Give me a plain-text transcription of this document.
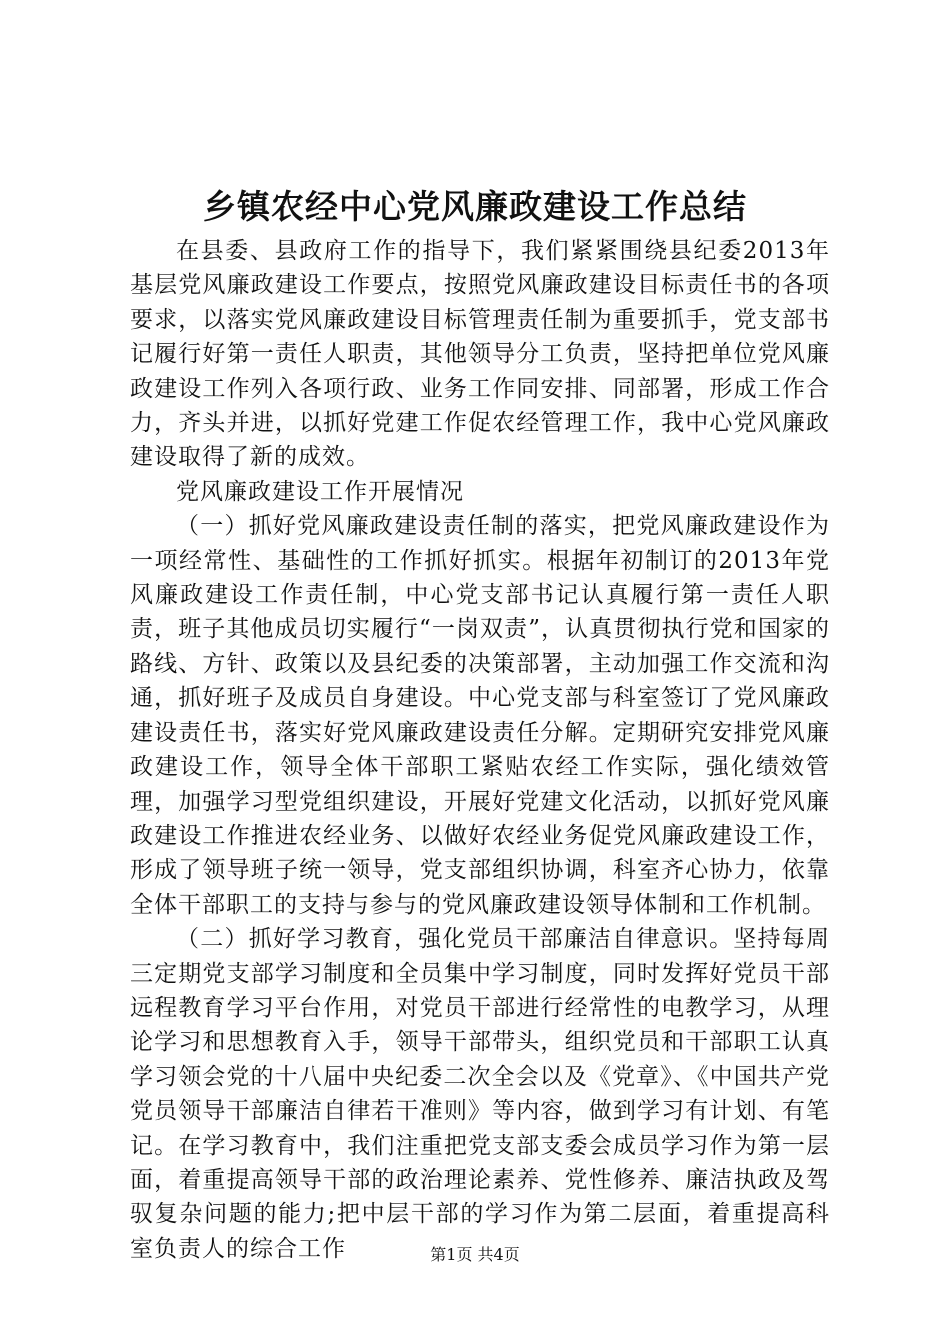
乡镇农经中心党风廉政建设工作总结

在县委、县政府工作的指导下，我们紧紧围绕县纪委2013年基层党风廉政建设工作要点，按照党风廉政建设目标责任书的各项要求，以落实党风廉政建设目标管理责任制为重要抓手，党支部书记履行好第一责任人职责，其他领导分工负责，坚持把单位党风廉政建设工作列入各项行政、业务工作同安排、同部署，形成工作合力，齐头并进，以抓好党建工作促农经管理工作，我中心党风廉政建设取得了新的成效。

党风廉政建设工作开展情况

（一）抓好党风廉政建设责任制的落实，把党风廉政建设作为一项经常性、基础性的工作抓好抓实。根据年初制订的2013年党风廉政建设工作责任制，中心党支部书记认真履行第一责任人职责，班子其他成员切实履行“一岗双责”，认真贯彻执行党和国家的路线、方针、政策以及县纪委的决策部署，主动加强工作交流和沟通，抓好班子及成员自身建设。中心党支部与科室签订了党风廉政建设责任书，落实好党风廉政建设责任分解。定期研究安排党风廉政建设工作，领导全体干部职工紧贴农经工作实际，强化绩效管理，加强学习型党组织建设，开展好党建文化活动，以抓好党风廉政建设工作推进农经业务、以做好农经业务促党风廉政建设工作，形成了领导班子统一领导，党支部组织协调，科室齐心协力，依靠全体干部职工的支持与参与的党风廉政建设领导体制和工作机制。

（二）抓好学习教育，强化党员干部廉洁自律意识。坚持每周三定期党支部学习制度和全员集中学习制度，同时发挥好党员干部远程教育学习平台作用，对党员干部进行经常性的电教学习，从理论学习和思想教育入手，领导干部带头，组织党员和干部职工认真学习领会党的十八届中央纪委二次全会以及《党章》、《中国共产党党员领导干部廉洁自律若干准则》等内容，做到学习有计划、有笔记。在学习教育中，我们注重把党支部支委会成员学习作为第一层面，着重提高领导干部的政治理论素养、党性修养、廉洁执政及驾驭复杂问题的能力;把中层干部的学习作为第二层面，着重提高科室负责人的综合工作	第1页 共4页
